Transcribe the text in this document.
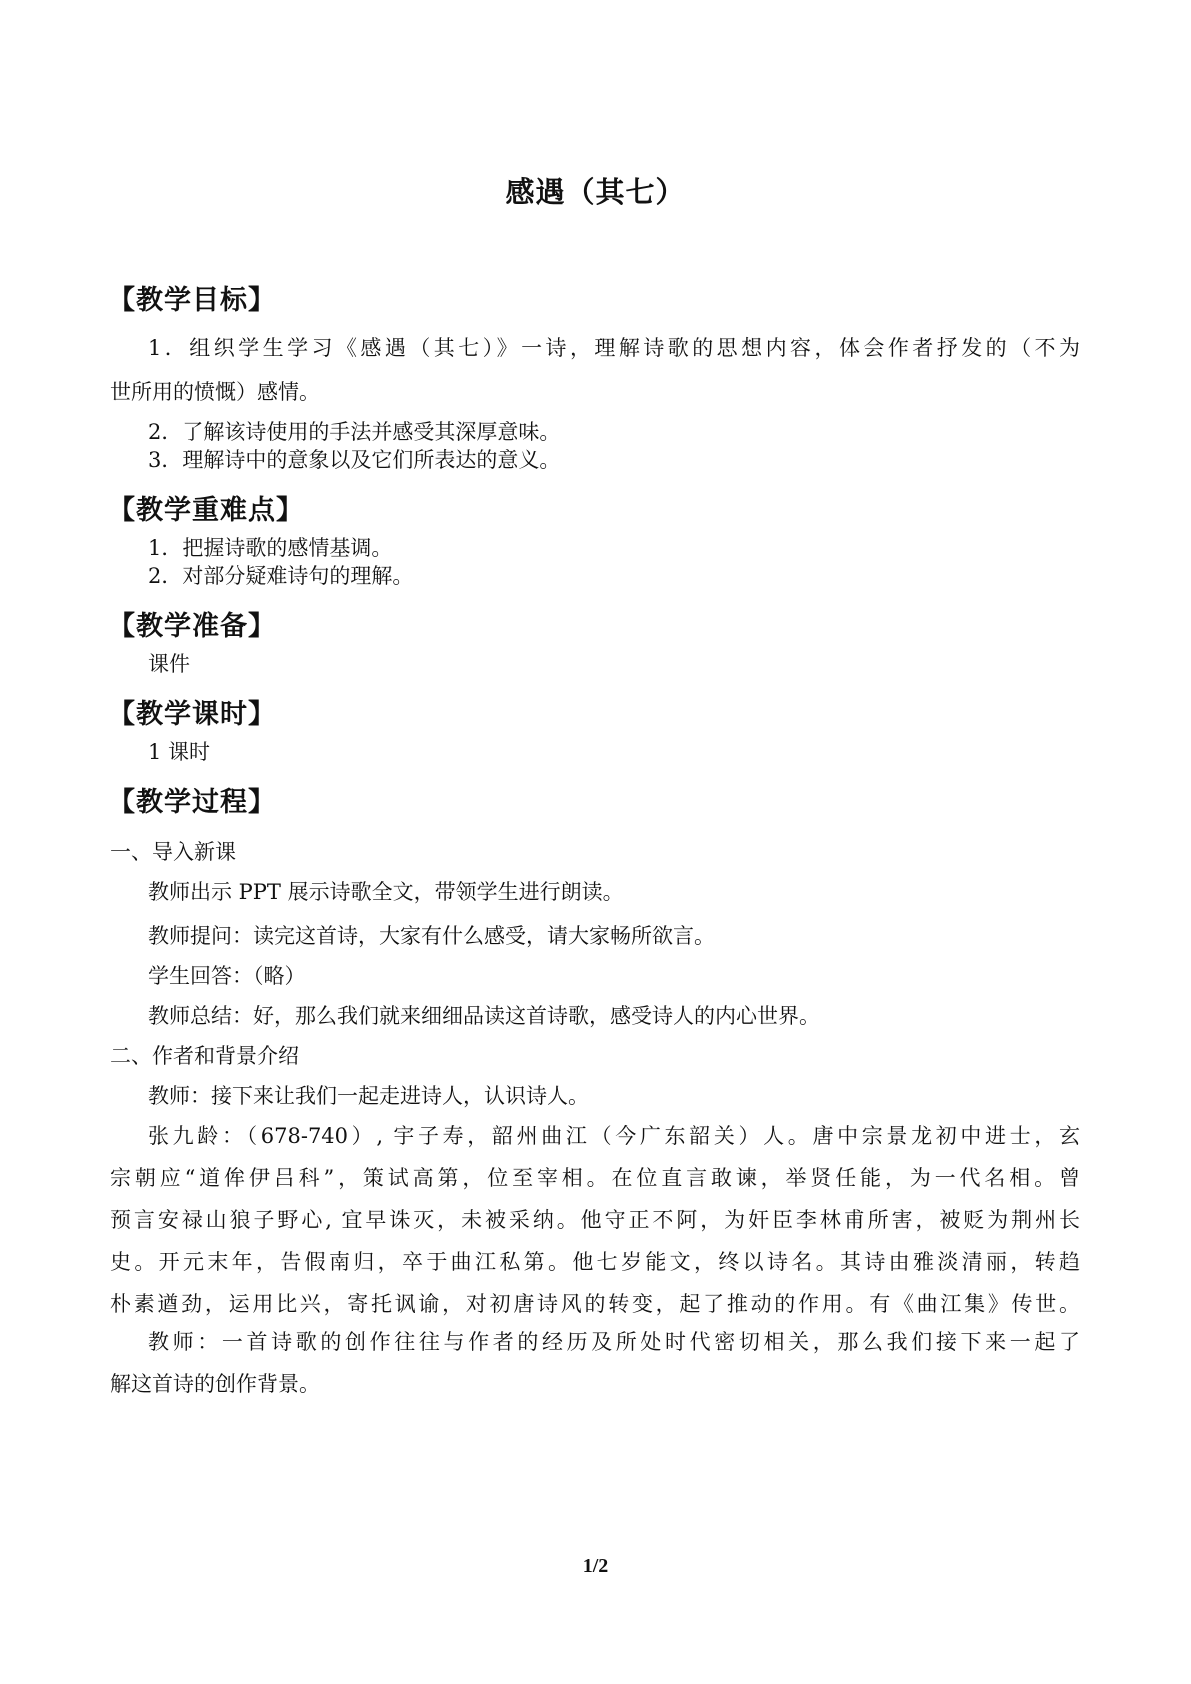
感遇（其七）
【教学目标】
1．组织学生学习《感遇（其七）》一诗，理解诗歌的思想内容，体会作者抒发的（不为
世所用的愤慨）感情。
2．了解该诗使用的手法并感受其深厚意味。
3．理解诗中的意象以及它们所表达的意义。
【教学重难点】
1．把握诗歌的感情基调。
2．对部分疑难诗句的理解。
【教学准备】
课件
【教学课时】
1 课时
【教学过程】
一、导入新课
教师出示 PPT 展示诗歌全文，带领学生进行朗读。
教师提问：读完这首诗，大家有什么感受，请大家畅所欲言。
学生回答：（略）
教师总结：好，那么我们就来细细品读这首诗歌，感受诗人的内心世界。
二、作者和背景介绍
教师：接下来让我们一起走进诗人，认识诗人。
张九龄：（678-740）, 宇子寿，韶州曲江（今广东韶关）人。唐中宗景龙初中进士，玄
宗朝应“道侔伊吕科”，策试高第，位至宰相。在位直言敢谏，举贤任能，为一代名相。曾
预言安禄山狼子野心, 宜早诛灭，未被采纳。他守正不阿，为奸臣李林甫所害，被贬为荆州长
史。开元末年，告假南归，卒于曲江私第。他七岁能文，终以诗名。其诗由雅淡清丽，转趋
朴素遒劲，运用比兴，寄托讽谕，对初唐诗风的转变，起了推动的作用。有《曲江集》传世。
教师：一首诗歌的创作往往与作者的经历及所处时代密切相关，那么我们接下来一起了
解这首诗的创作背景。
1/2
